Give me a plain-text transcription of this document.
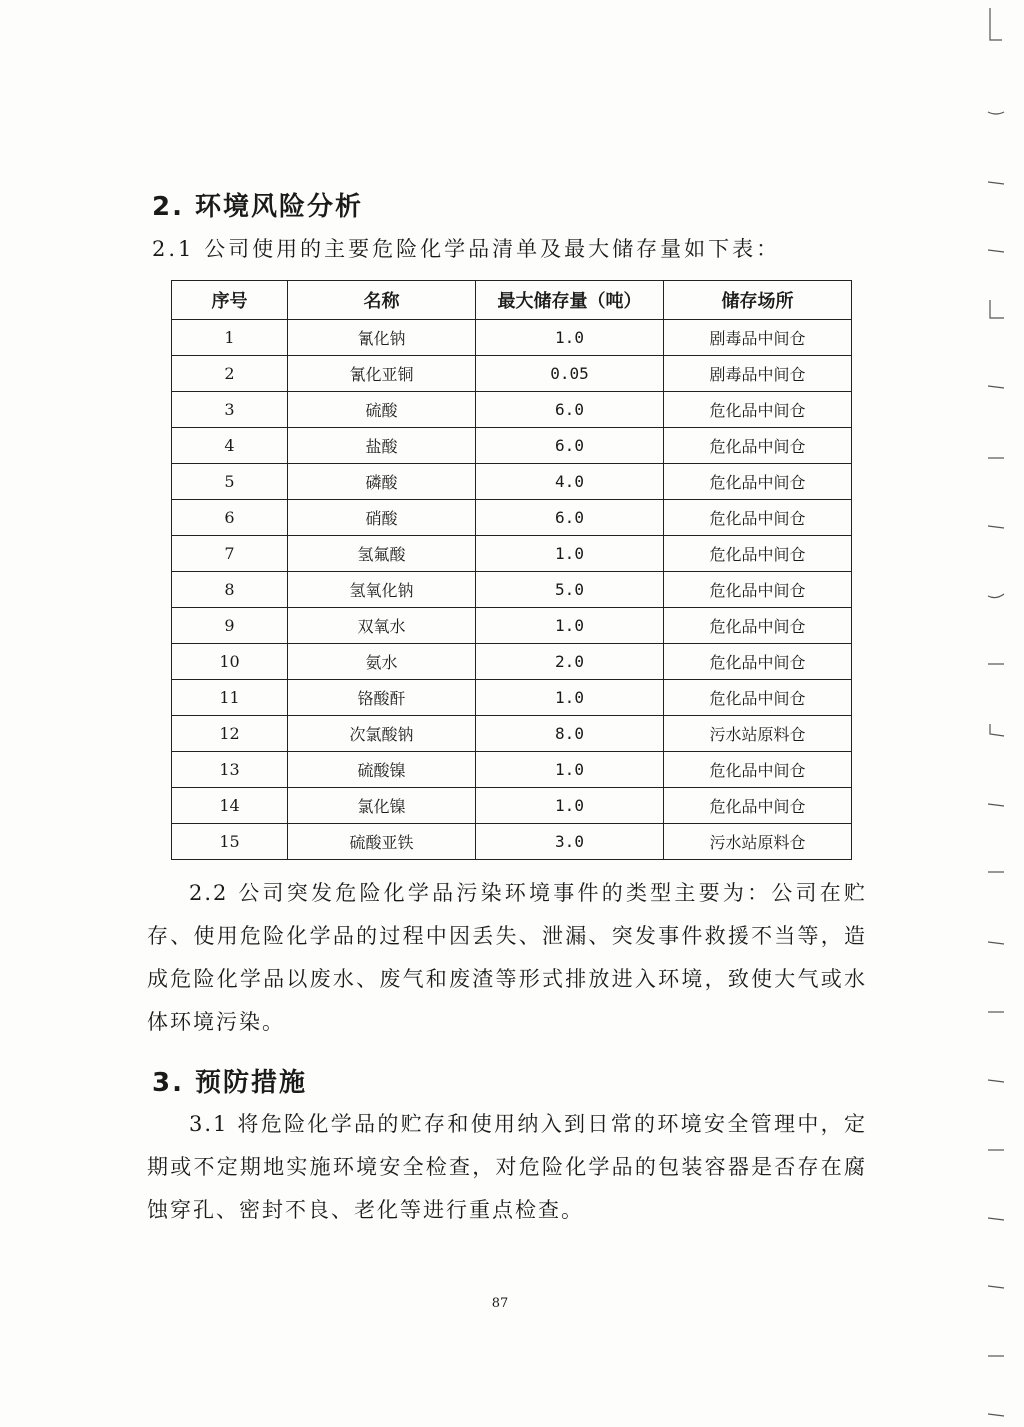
2. 环境风险分析
2.1 公司使用的主要危险化学品清单及最大储存量如下表：
序号	名称	最大储存量（吨）	储存场所
1	氰化钠	1.0	剧毒品中间仓
2	氰化亚铜	0.05	剧毒品中间仓
3	硫酸	6.0	危化品中间仓
4	盐酸	6.0	危化品中间仓
5	磷酸	4.0	危化品中间仓
6	硝酸	6.0	危化品中间仓
7	氢氟酸	1.0	危化品中间仓
8	氢氧化钠	5.0	危化品中间仓
9	双氧水	1.0	危化品中间仓
10	氨水	2.0	危化品中间仓
11	铬酸酐	1.0	危化品中间仓
12	次氯酸钠	8.0	污水站原料仓
13	硫酸镍	1.0	危化品中间仓
14	氯化镍	1.0	危化品中间仓
15	硫酸亚铁	3.0	污水站原料仓

2.2 公司突发危险化学品污染环境事件的类型主要为：公司在贮存、使用危险化学品的过程中因丢失、泄漏、突发事件救援不当等，造成危险化学品以废水、废气和废渣等形式排放进入环境，致使大气或水体环境污染。

3. 预防措施

3.1 将危险化学品的贮存和使用纳入到日常的环境安全管理中，定期或不定期地实施环境安全检查，对危险化学品的包装容器是否存在腐蚀穿孔、密封不良、老化等进行重点检查。

87
